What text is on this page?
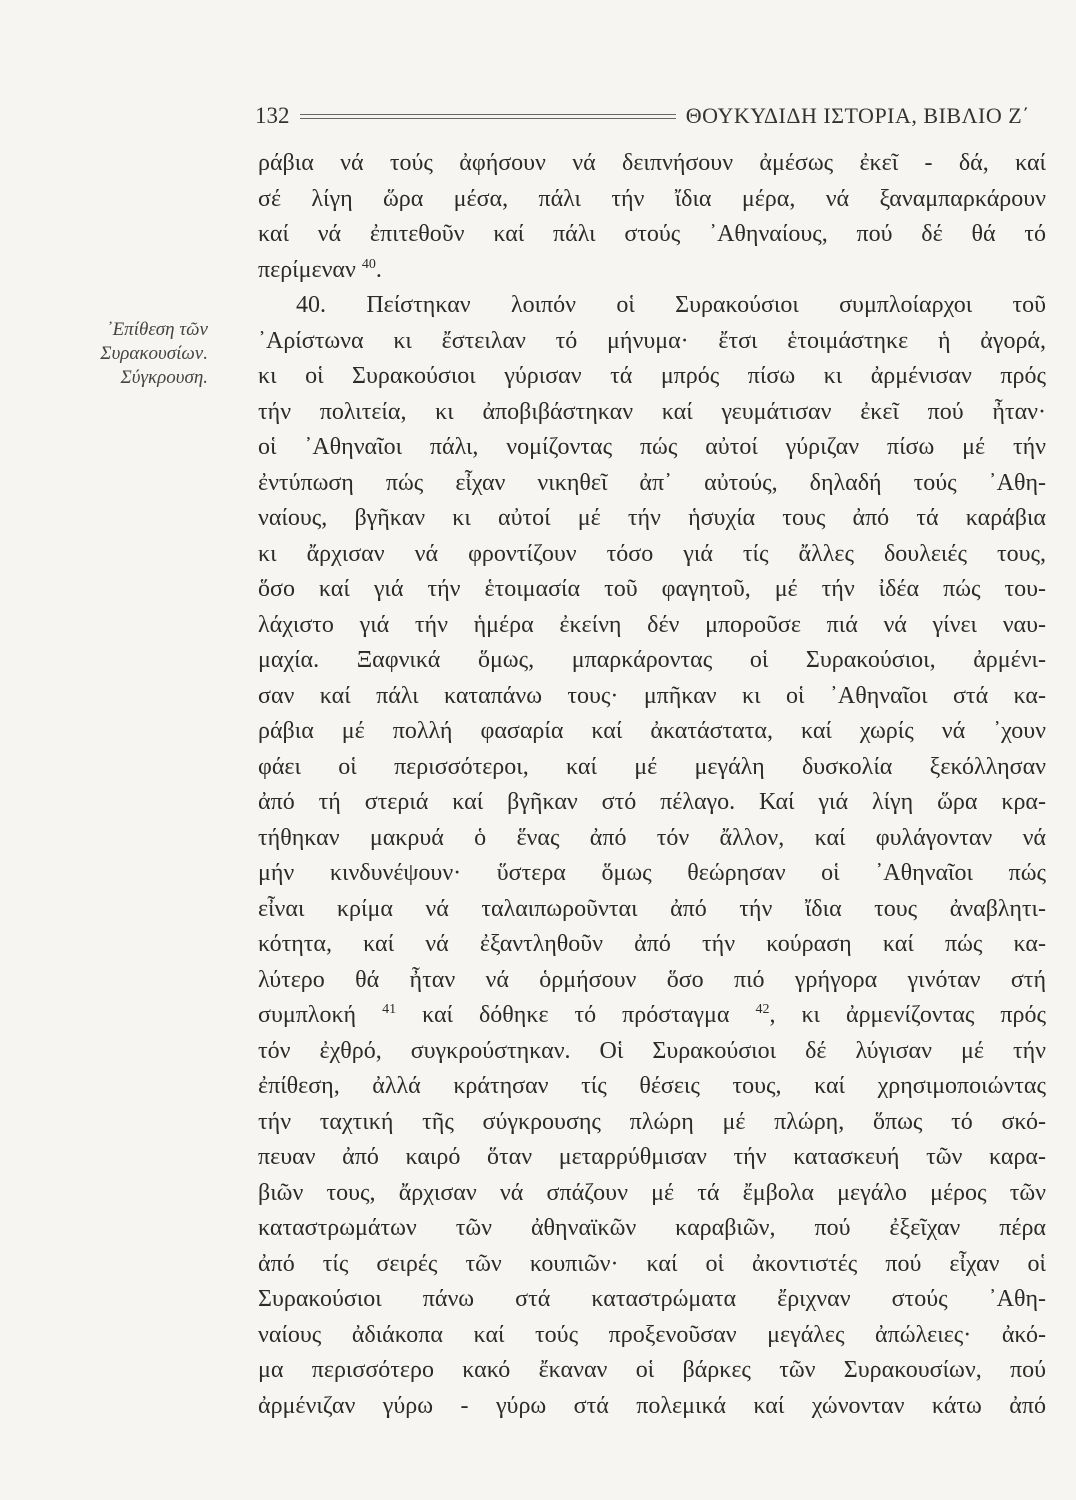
132	ΘΟΥΚΥΔΙΔΗ ΙΣΤΟΡΙΑ, ΒΙΒΛΙΟ Ζ΄
᾿Επίθεση τῶν
Συρακουσίων.
Σύγκρουση.
ράβια νά τούς ἀφήσουν νά δειπνήσουν ἀμέσως ἐκεῖ - δά, καί
σέ λίγη ὥρα μέσα, πάλι τήν ἴδια μέρα, νά ξαναμπαρκάρουν
καί νά ἐπιτεθοῦν καί πάλι στούς ᾿Αθηναίους, πού δέ θά τό
περίμεναν $^{40}$.
40. Πείστηκαν λοιπόν οἱ Συρακούσιοι συμπλοίαρχοι τοῦ
᾿Αρίστωνα κι ἔστειλαν τό μήνυμα· ἔτσι ἑτοιμάστηκε ἡ ἀγορά,
κι οἱ Συρακούσιοι γύρισαν τά μπρός πίσω κι ἀρμένισαν πρός
τήν πολιτεία, κι ἀποβιβάστηκαν καί γευμάτισαν ἐκεῖ πού ἦταν·
οἱ ᾿Αθηναῖοι πάλι, νομίζοντας πώς αὐτοί γύριζαν πίσω μέ τήν
ἐντύπωση πώς εἶχαν νικηθεῖ ἀπ᾿ αὐτούς, δηλαδή τούς ᾿Αθη-
ναίους, βγῆκαν κι αὐτοί μέ τήν ἡσυχία τους ἀπό τά καράβια
κι ἄρχισαν νά φροντίζουν τόσο γιά τίς ἄλλες δουλειές τους,
ὅσο καί γιά τήν ἑτοιμασία τοῦ φαγητοῦ, μέ τήν ἰδέα πώς του-
λάχιστο γιά τήν ἡμέρα ἐκείνη δέν μποροῦσε πιά νά γίνει ναυ-
μαχία. Ξαφνικά ὅμως, μπαρκάροντας οἱ Συρακούσιοι, ἀρμένι-
σαν καί πάλι καταπάνω τους· μπῆκαν κι οἱ ᾿Αθηναῖοι στά κα-
ράβια μέ πολλή φασαρία καί ἀκατάστατα, καί χωρίς νά ᾿χουν
φάει οἱ περισσότεροι, καί μέ μεγάλη δυσκολία ξεκόλλησαν
ἀπό τή στεριά καί βγῆκαν στό πέλαγο. Καί γιά λίγη ὥρα κρα-
τήθηκαν μακρυά ὁ ἕνας ἀπό τόν ἄλλον, καί φυλάγονταν νά
μήν κινδυνέψουν· ὕστερα ὅμως θεώρησαν οἱ ᾿Αθηναῖοι πώς
εἶναι κρίμα νά ταλαιπωροῦνται ἀπό τήν ἴδια τους ἀναβλητι-
κότητα, καί νά ἐξαντληθοῦν ἀπό τήν κούραση καί πώς κα-
λύτερο θά ἦταν νά ὁρμήσουν ὅσο πιό γρήγορα γινόταν στή
συμπλοκή $^{41}$ καί δόθηκε τό πρόσταγμα $^{42}$, κι ἀρμενίζοντας πρός
τόν ἐχθρό, συγκρούστηκαν. Οἱ Συρακούσιοι δέ λύγισαν μέ τήν
ἐπίθεση, ἀλλά κράτησαν τίς θέσεις τους, καί χρησιμοποιώντας
τήν ταχτική τῆς σύγκρουσης πλώρη μέ πλώρη, ὅπως τό σκό-
πευαν ἀπό καιρό ὅταν μεταρρύθμισαν τήν κατασκευή τῶν καρα-
βιῶν τους, ἄρχισαν νά σπάζουν μέ τά ἔμβολα μεγάλο μέρος τῶν
καταστρωμάτων τῶν ἀθηναϊκῶν καραβιῶν, πού ἐξεῖχαν πέρα
ἀπό τίς σειρές τῶν κουπιῶν· καί οἱ ἀκοντιστές πού εἶχαν οἱ
Συρακούσιοι πάνω στά καταστρώματα ἔριχναν στούς ᾿Αθη-
ναίους ἀδιάκοπα καί τούς προξενοῦσαν μεγάλες ἀπώλειες· ἀκό-
μα περισσότερο κακό ἔκαναν οἱ βάρκες τῶν Συρακουσίων, πού
ἀρμένιζαν γύρω - γύρω στά πολεμικά καί χώνονταν κάτω ἀπό
